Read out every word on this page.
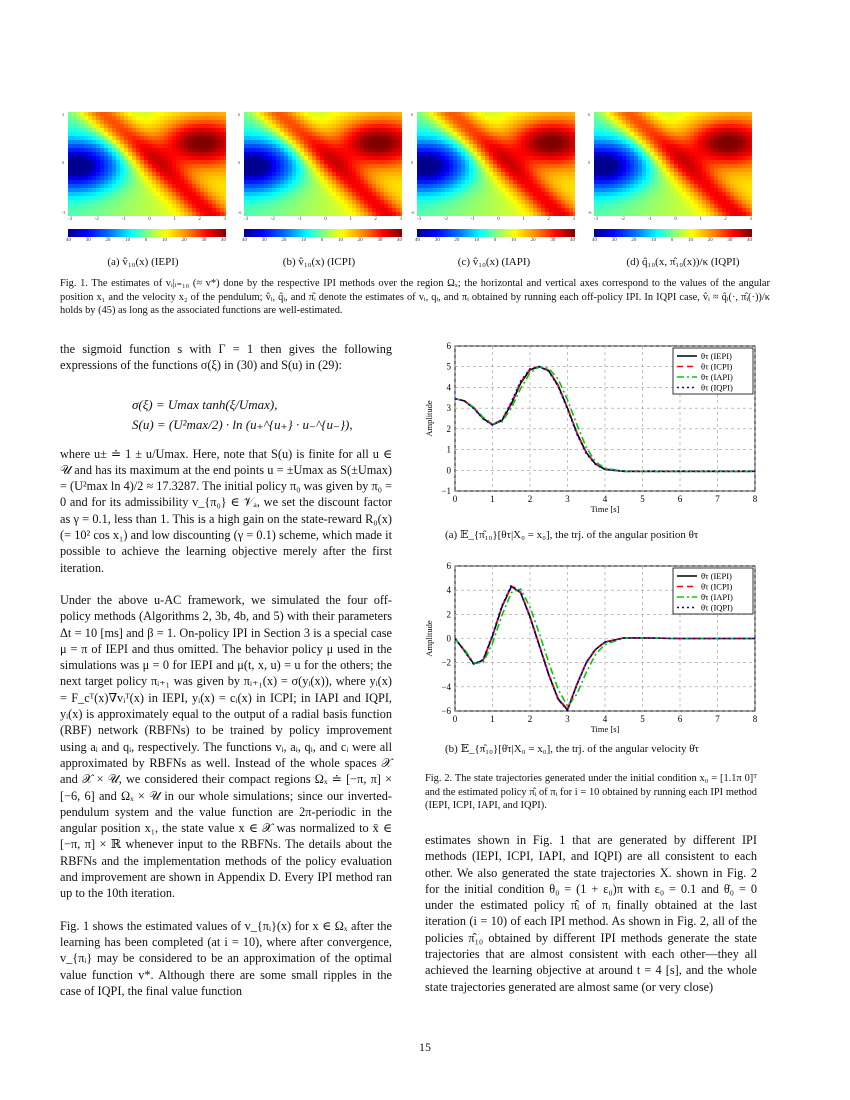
3
0
-3
-3	-2	-1	0	1	2	3
6
0
-6
-3	-2	-1	0	1	2	3
6
0
-6
-3	-2	-1	0	1	2	3
6
0
-6
-3	-2	-1	0	1	2	3
40	30	20	10	0	10	20	30	40	40	30	20	10	0	10	20	30	40	40	30	20	10	0	10	20	30	40	40	30	20	10	0	10	20	30	40
(a) v̂₁₀(x) (IEPI)	(b) v̂₁₀(x) (ICPI)	(c) v̂₁₀(x) (IAPI)	(d) q̂₁₀(x, π̂₁₀(x))/κ (IQPI)
Fig. 1. The estimates of vᵢ|ᵢ₌₁₀ (≈ v*) done by the respective IPI methods over the region Ωₓ; the horizontal and vertical axes correspond to the values of the angular position x₁ and the velocity x₂ of the pendulum; v̂ᵢ, q̂ᵢ, and π̂ᵢ denote the estimates of vᵢ, qᵢ, and πᵢ obtained by running each off-policy IPI. In IQPI case, v̂ᵢ ≈ q̂ᵢ(·, π̂ᵢ(·))/κ holds by (45) as long as the associated functions are well-estimated.
the sigmoid function s with Γ = 1 then gives the following expressions of the functions σ(ξ) in (30) and S(u) in (29):
σ(ξ) = Umax tanh(ξ/Umax),
S(u) = (U²max/2) · ln (u₊^{u₊} · u₋^{u₋}),
where u± ≐ 1 ± u/Umax. Here, note that S(u) is finite for all u ∈ 𝒰 and has its maximum at the end points u = ±Umax as S(±Umax) = (U²max ln 4)/2 ≈ 17.3287. The initial policy π₀ was given by π₀ = 0 and for its admissibility v_{π₀} ∈ 𝒱ₐ, we set the discount factor as γ = 0.1, less than 1. This is a high gain on the state-reward R₀(x) (= 10² cos x₁) and low discounting (γ = 0.1) scheme, which made it possible to achieve the learning objective merely after the first iteration.
Under the above u-AC framework, we simulated the four off-policy methods (Algorithms 2, 3b, 4b, and 5) with their parameters Δt = 10 [ms] and β = 1. On-policy IPI in Section 3 is a special case μ = π of IEPI and thus omitted. The behavior policy μ used in the simulations was μ = 0 for IEPI and μ(t, x, u) = u for the others; the next target policy πᵢ₊₁ was given by πᵢ₊₁(x) = σ(yᵢ(x)), where yᵢ(x) = F_cᵀ(x)∇vᵢᵀ(x) in IEPI, yᵢ(x) = cᵢ(x) in ICPI; in IAPI and IQPI, yᵢ(x) is approximately equal to the output of a radial basis function (RBF) network (RBFNs) to be trained by policy improvement using aᵢ and qᵢ, respectively. The functions vᵢ, aᵢ, qᵢ, and cᵢ were all approximated by RBFNs as well. Instead of the whole spaces 𝒳 and 𝒳 × 𝒰, we considered their compact regions Ωₓ ≐ [−π, π] × [−6, 6] and Ωₓ × 𝒰 in our whole simulations; since our inverted-pendulum system and the value function are 2π-periodic in the angular position x₁, the state value x ∈ 𝒳 was normalized to x̄ ∈ [−π, π] × ℝ whenever input to the RBFNs. The details about the RBFNs and the implementation methods of the policy evaluation and improvement are shown in Appendix D. Every IPI method ran up to the 10th iteration.
Fig. 1 shows the estimated values of v_{πᵢ}(x) for x ∈ Ωₓ after the learning has been completed (at i = 10), where after convergence, v_{πᵢ} may be considered to be an approximation of the optimal value function v*. Although there are some small ripples in the case of IQPI, the final value function
0	1	2	3	4	5	6	7	8
−1
0
1
2
3
4
5
6
Time [s]
Amplitude
θτ (IEPI)
θτ (ICPI)
θτ (IAPI)
θτ (IQPI)
(a) 𝔼_{π̂₁₀}[θτ|X₀ = x₀], the trj. of the angular position θτ
0	1	2	3	4	5	6	7	8
−6
−4
−2
0
2
4
6
Time [s]
Amplitude
θ̇τ (IEPI)
θ̇τ (ICPI)
θ̇τ (IAPI)
θ̇τ (IQPI)
(b) 𝔼_{π̂₁₀}[θ̇τ|X₀ = x₀], the trj. of the angular velocity θ̇τ
Fig. 2. The state trajectories generated under the initial condition x₀ = [1.1π 0]ᵀ and the estimated policy π̂ᵢ of πᵢ for i = 10 obtained by running each IPI method (IEPI, ICPI, IAPI, and IQPI).
estimates shown in Fig. 1 that are generated by different IPI methods (IEPI, ICPI, IAPI, and IQPI) are all consistent to each other. We also generated the state trajectories X. shown in Fig. 2 for the initial condition θ₀ = (1 + ε₀)π with ε₀ = 0.1 and θ̇₀ = 0 under the estimated policy π̂ᵢ of πᵢ finally obtained at the last iteration (i = 10) of each IPI method. As shown in Fig. 2, all of the policies π̂₁₀ obtained by different IPI methods generate the state trajectories that are almost consistent with each other—they all achieved the learning objective at around t = 4 [s], and the whole state trajectories generated are almost same (or very close)
15
